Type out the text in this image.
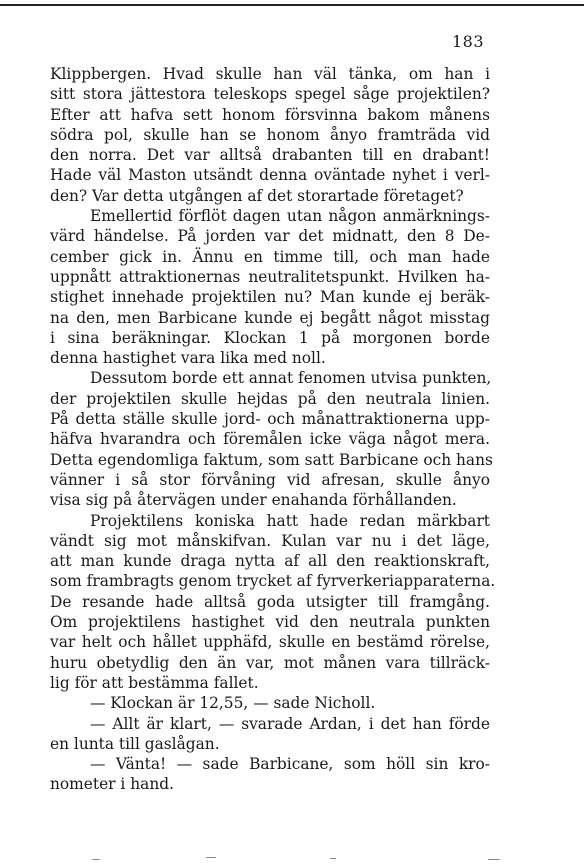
183
Klippbergen. Hvad skulle han väl tänka, om han i
sitt stora jättestora teleskops spegel såge projektilen?
Efter att hafva sett honom försvinna bakom månens
södra pol, skulle han se honom ånyo framträda vid
den norra. Det var alltså drabanten till en drabant!
Hade väl Maston utsändt denna oväntade nyhet i verl-
den? Var detta utgången af det storartade företaget?
Emellertid förflöt dagen utan någon anmärknings-
värd händelse. På jorden var det midnatt, den 8 De-
cember gick in. Ännu en timme till, och man hade
uppnått attraktionernas neutralitetspunkt. Hvilken ha-
stighet innehade projektilen nu? Man kunde ej beräk-
na den, men Barbicane kunde ej begått något misstag
i sina beräkningar. Klockan 1 på morgonen borde
denna hastighet vara lika med noll.
Dessutom borde ett annat fenomen utvisa punkten,
der projektilen skulle hejdas på den neutrala linien.
På detta ställe skulle jord- och månattraktionerna upp-
häfva hvarandra och föremålen icke väga något mera.
Detta egendomliga faktum, som satt Barbicane och hans
vänner i så stor förvåning vid afresan, skulle ånyo
visa sig på återvägen under enahanda förhållanden.
Projektilens koniska hatt hade redan märkbart
vändt sig mot månskifvan. Kulan var nu i det läge,
att man kunde draga nytta af all den reaktionskraft,
som frambragts genom trycket af fyrverkeriapparaterna.
De resande hade alltså goda utsigter till framgång.
Om projektilens hastighet vid den neutrala punkten
var helt och hållet upphäfd, skulle en bestämd rörelse,
huru obetydlig den än var, mot månen vara tillräck-
lig för att bestämma fallet.
— Klockan är 12,55, — sade Nicholl.
— Allt är klart, — svarade Ardan, i det han förde
en lunta till gaslågan.
— Vänta! — sade Barbicane, som höll sin kro-
nometer i hand.
